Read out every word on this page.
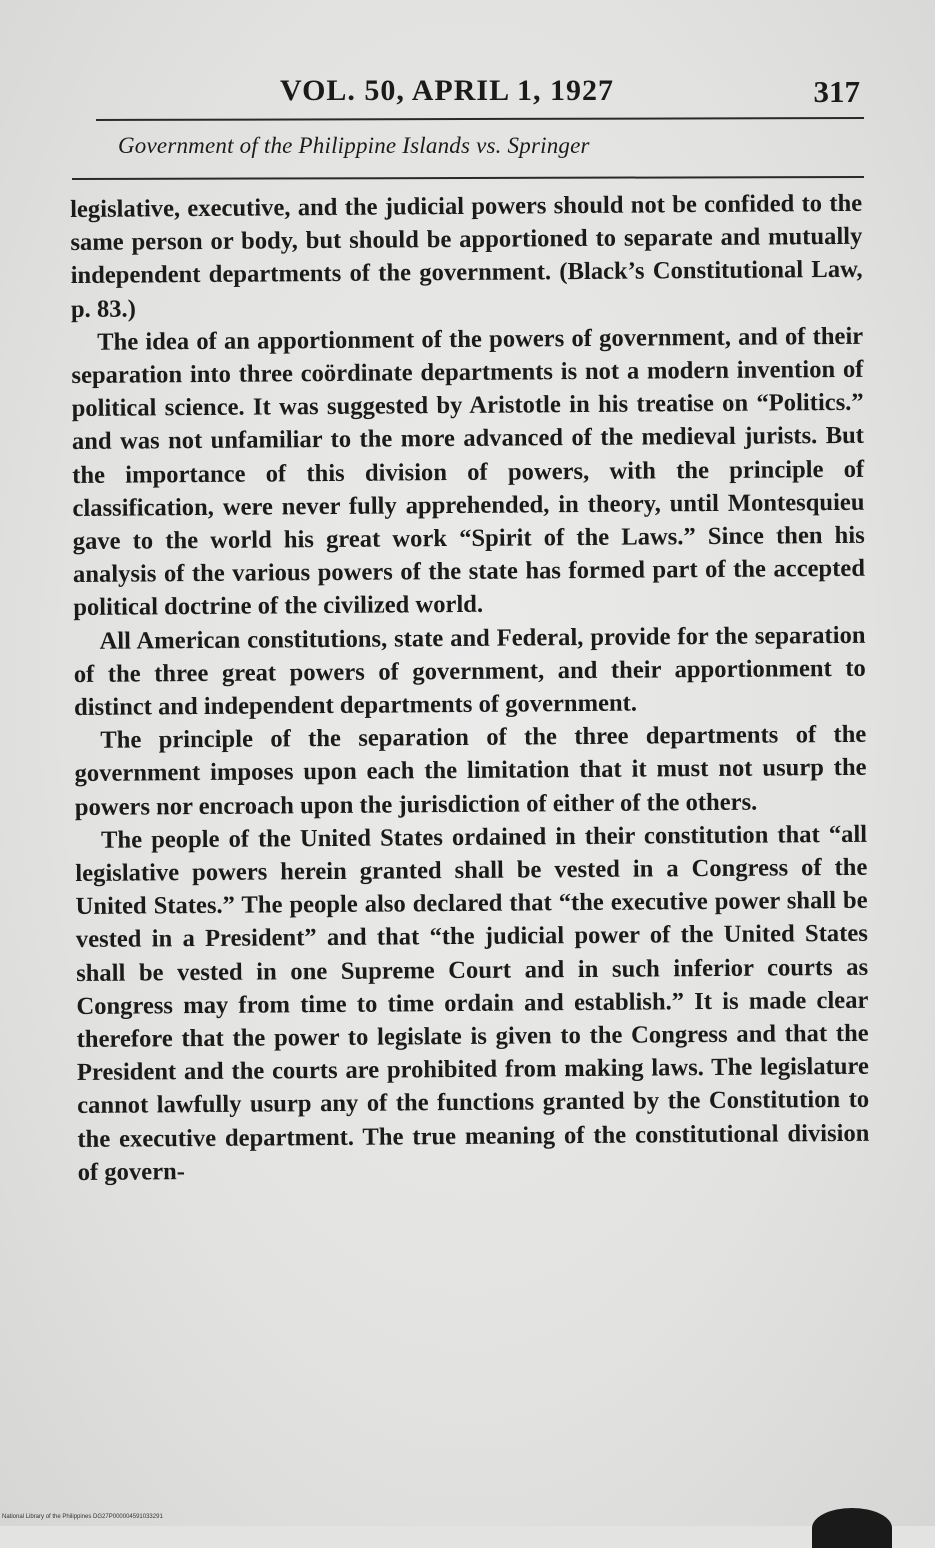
VOL. 50, APRIL 1, 1927	317
Government of the Philippine Islands vs. Springer

legislative, executive, and the judicial powers should not be confided to the same person or body, but should be apportioned to separate and mutually independent departments of the government. (Black’s Constitutional Law, p. 83.)

The idea of an apportionment of the powers of government, and of their separation into three coördinate departments is not a modern invention of political science. It was suggested by Aristotle in his treatise on “Politics.” and was not unfamiliar to the more advanced of the medieval jurists. But the importance of this division of powers, with the principle of classification, were never fully apprehended, in theory, until Montesquieu gave to the world his great work “Spirit of the Laws.” Since then his analysis of the various powers of the state has formed part of the accepted political doctrine of the civilized world.

All American constitutions, state and Federal, provide for the separation of the three great powers of government, and their apportionment to distinct and independent departments of government.

The principle of the separation of the three departments of the government imposes upon each the limitation that it must not usurp the powers nor encroach upon the jurisdiction of either of the others.

The people of the United States ordained in their constitution that “all legislative powers herein granted shall be vested in a Congress of the United States.” The people also declared that “the executive power shall be vested in a President” and that “the judicial power of the United States shall be vested in one Supreme Court and in such inferior courts as Congress may from time to time ordain and establish.” It is made clear therefore that the power to legislate is given to the Congress and that the President and the courts are prohibited from making laws. The legislature cannot lawfully usurp any of the functions granted by the Constitution to the executive department. The true meaning of the constitutional division of govern-

National Library of the Philippines DG27P000004591033291
